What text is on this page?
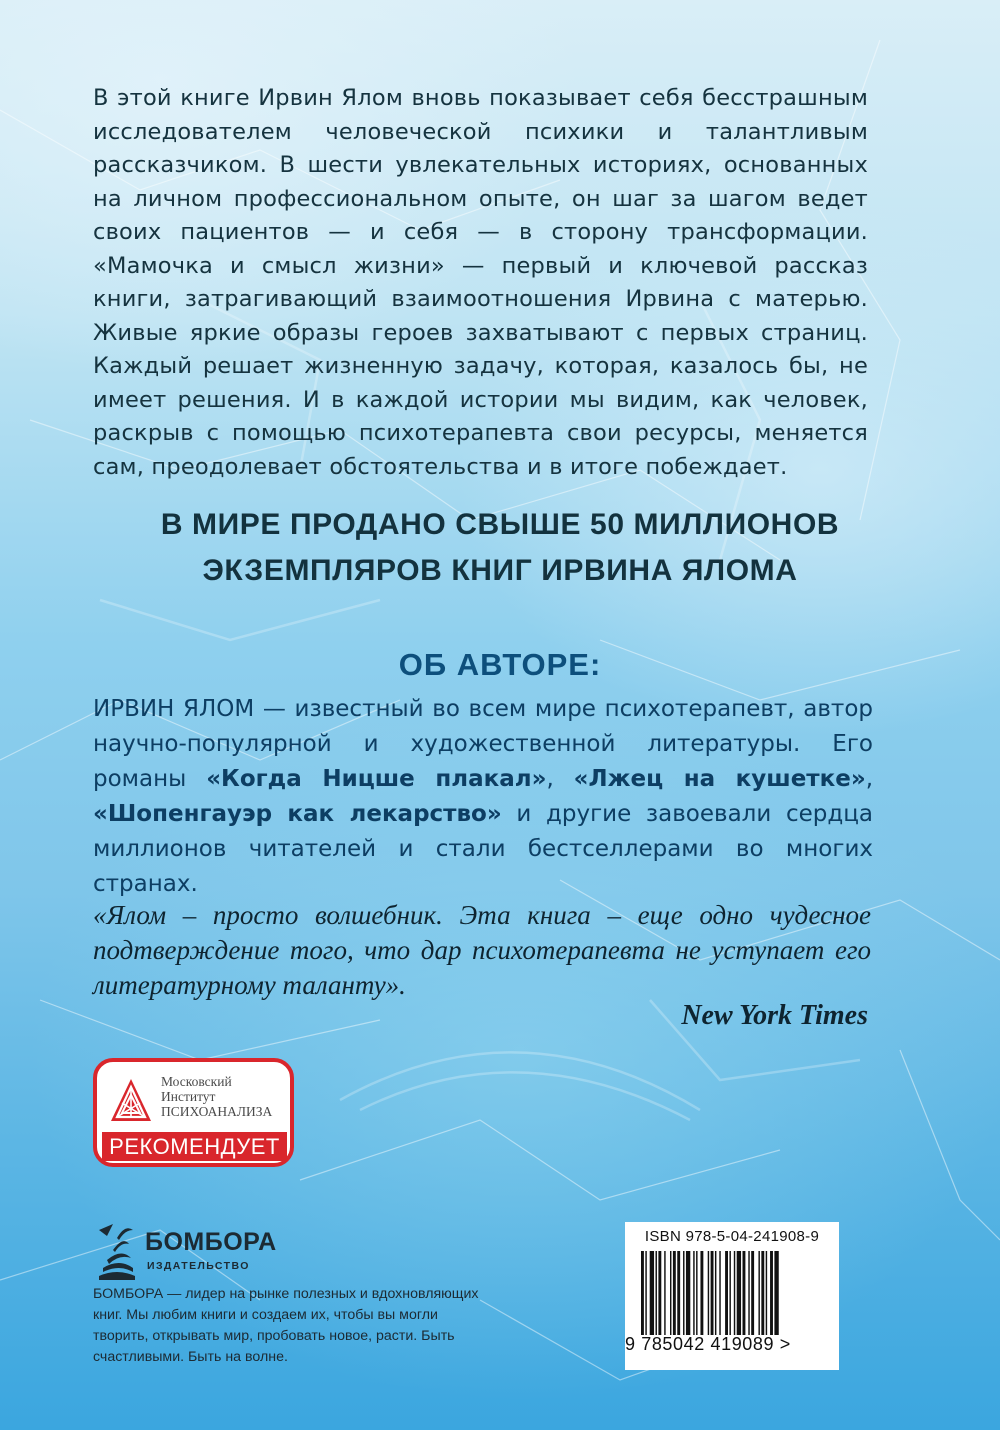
В этой книге Ирвин Ялом вновь показывает себя бесстрашным исследователем человеческой психики и талантливым рассказчиком. В шести увлекательных историях, основанных на личном профессиональном опыте, он шаг за шагом ведет своих пациентов — и себя — в сторону трансформации. «Мамочка и смысл жизни» — первый и ключевой рассказ книги, затрагивающий взаимоотношения Ирвина с матерью. Живые яркие образы героев захватывают с первых страниц. Каждый решает жизненную задачу, которая, казалось бы, не имеет решения. И в каждой истории мы видим, как человек, раскрыв с помощью психотерапевта свои ресурсы, меняется сам, преодолевает обстоятельства и в итоге побеждает.

В МИРЕ ПРОДАНО СВЫШЕ 50 МИЛЛИОНОВ
ЭКЗЕМПЛЯРОВ КНИГ ИРВИНА ЯЛОМА
ОБ АВТОРЕ:

ИРВИН ЯЛОМ — известный во всем мире психотерапевт, автор научно-популярной и художественной литературы. Его романы «Когда Ницше плакал», «Лжец на кушетке», «Шопенгауэр как лекарство» и другие завоевали сердца миллионов читателей и стали бестселлерами во многих странах.

«Ялом – просто волшебник. Эта книга – еще одно чудесное подтверждение того, что дар психотерапевта не уступает его литературному таланту».

New York Times

Московский
Институт
ПСИХОАНАЛИЗА

РЕКОМЕНДУЕТ

БОМБОРА

ИЗДАТЕЛЬСТВО

БОМБОРА — лидер на рынке полезных и вдохновляющих книг. Мы любим книги и создаем их, чтобы вы могли творить, открывать мир, пробовать новое, расти. Быть счастливыми. Быть на волне.

ISBN 978-5-04-241908-9

9 785042 419089 >
